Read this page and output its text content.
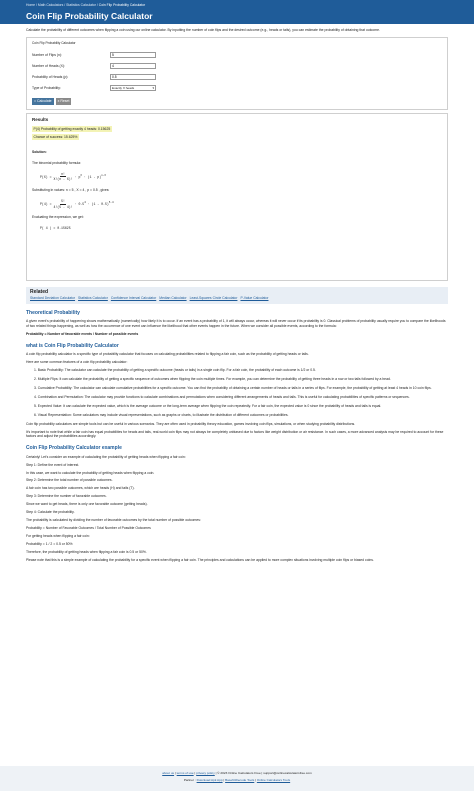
Home / Math Calculators / Statistics Calculator / Coin Flip Probability Calculator
Coin Flip Probability Calculator
Calculate the probability of different outcomes when flipping a coin using our online calculator. By inputting the number of coin flips and the desired outcome (e.g., heads or tails), you can estimate the probability of obtaining that outcome.
Coin Flip Probability Calculator
Number of Flips (n):
5
Number of Heads (X):
4
Probability of Heads (p):
0.5
Type of Probability:	Exactly X heads	▾
= Calculate	x Reset
Results
P(4) Probability of getting exactly 4 heads: 0.15625
Chance of success: 15.625%
Solution:
The binomial probability formula:
$P(X) = \frac{n!}{X!(n - X)!} \cdot p^X \cdot (1 - p)^{n-X}$
Substituting in values: n = 5 , X = 4 , p = 0.5 , gives:
$P(4) = \frac{5!}{4!(5 - 4)!} \cdot 0.5^4 \cdot (1 - 0.5)^{5-4}$
Evaluating the expression, we get:
P( 4 ) = 0.15625
Related
Standard Deviation Calculator Statistics Calculator Confidence Interval Calculator Median Calculator Least-Squares Circle Calculator P-Value Calculator
Theoretical Probability

A given event's probability of happening shows mathematically (numerically) how likely it is to occur. If an event has a probability of 1, it will always occur, whereas it will never occur if its probability is 0. Classical problems of probability usually require you to compare the likelihoods of two related things happening, as well as how the occurrence of one event can influence the likelihood that other events happen in the future. When we consider all possible events, according to the formula:

Probability = Number of favorable events / Number of possible events

what is Coin Flip Probability Calculator

A coin flip probability calculator is a specific type of probability calculator that focuses on calculating probabilities related to flipping a fair coin, such as the probability of getting heads or tails.

Here are some common features of a coin flip probability calculator:

1. Basic Probability: The calculator can calculate the probability of getting a specific outcome (heads or tails) in a single coin flip. For a fair coin, the probability of each outcome is 1/2 or 0.5.
2. Multiple Flips: It can calculate the probability of getting a specific sequence of outcomes when flipping the coin multiple times. For example, you can determine the probability of getting three heads in a row or two tails followed by a head.
3. Cumulative Probability: The calculator can calculate cumulative probabilities for a specific outcome. You can find the probability of obtaining a certain number of heads or tails in a series of flips. For example, the probability of getting at least 4 heads in 10 coin flips.
4. Combination and Permutation: The calculator may provide functions to calculate combinations and permutations when considering different arrangements of heads and tails. This is useful for calculating probabilities of specific patterns or sequences.
5. Expected Value: It can calculate the expected value, which is the average outcome or the long-term average when flipping the coin repeatedly. For a fair coin, the expected value is 0 since the probability of heads and tails is equal.
6. Visual Representation: Some calculators may include visual representations, such as graphs or charts, to illustrate the distribution of different outcomes or probabilities.

Coin flip probability calculators are simple tools but can be useful in various scenarios. They are often used in probability theory education, games involving coin flips, simulations, or when studying probability distributions.

It's important to note that while a fair coin has equal probabilities for heads and tails, real-world coin flips may not always be completely unbiased due to factors like weight distribution or air resistance. In such cases, a more advanced analysis may be required to account for these factors and adjust the probabilities accordingly.

Coin Flip Probability Calculator example

Certainly! Let's consider an example of calculating the probability of getting heads when flipping a fair coin:

Step 1: Define the event of interest.

In this case, we want to calculate the probability of getting heads when flipping a coin.

Step 2: Determine the total number of possible outcomes.

A fair coin has two possible outcomes, which are heads (H) and tails (T).

Step 3: Determine the number of favorable outcomes.

Since we want to get heads, there is only one favorable outcome (getting heads).

Step 4: Calculate the probability.

The probability is calculated by dividing the number of favorable outcomes by the total number of possible outcomes:

Probability = Number of Favorable Outcomes / Total Number of Possible Outcomes

For getting heads when flipping a fair coin:

Probability = 1 / 2 = 0.5 or 50%

Therefore, the probability of getting heads when flipping a fair coin is 0.5 or 50%.

Please note that this is a simple example of calculating the probability for a specific event when flipping a fair coin. The principles and calculations can be applied to more complex situations involving multiple coin flips or biased coins.

about us | terms of use | privacy policy | © 2023 Online Calculators Free | support@onlinecalculatorsfree.com
Partner : Download Apk App | Base64Decode Tools | Online Calculators Tools
